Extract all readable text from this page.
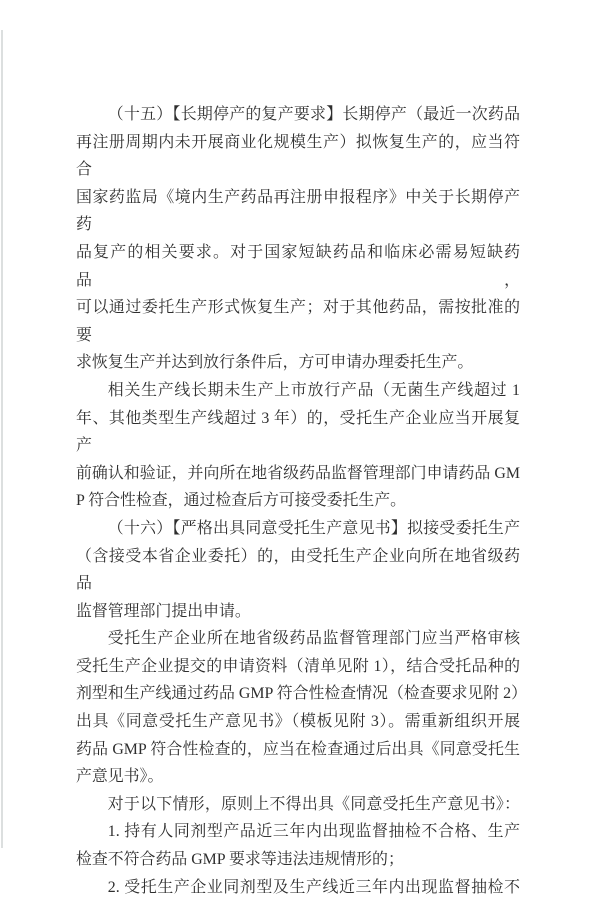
（十五）【长期停产的复产要求】长期停产（最近一次药品
再注册周期内未开展商业化规模生产）拟恢复生产的，应当符合
国家药监局《境内生产药品再注册申报程序》中关于长期停产药
品复产的相关要求。对于国家短缺药品和临床必需易短缺药品，
可以通过委托生产形式恢复生产；对于其他药品，需按批准的要
求恢复生产并达到放行条件后，方可申请办理委托生产。
相关生产线长期未生产上市放行产品（无菌生产线超过 1
年、其他类型生产线超过 3 年）的，受托生产企业应当开展复产
前确认和验证，并向所在地省级药品监督管理部门申请药品 GM
P 符合性检查，通过检查后方可接受委托生产。
（十六）【严格出具同意受托生产意见书】拟接受委托生产
（含接受本省企业委托）的，由受托生产企业向所在地省级药品
监督管理部门提出申请。
受托生产企业所在地省级药品监督管理部门应当严格审核
受托生产企业提交的申请资料（清单见附 1），结合受托品种的
剂型和生产线通过药品 GMP 符合性检查情况（检查要求见附 2）
出具《同意受托生产意见书》（模板见附 3）。需重新组织开展
药品 GMP 符合性检查的，应当在检查通过后出具《同意受托生
产意见书》。
对于以下情形，原则上不得出具《同意受托生产意见书》：
1. 持有人同剂型产品近三年内出现监督抽检不合格、生产
检查不符合药品 GMP 要求等违法违规情形的；
2. 受托生产企业同剂型及生产线近三年内出现监督抽检不
